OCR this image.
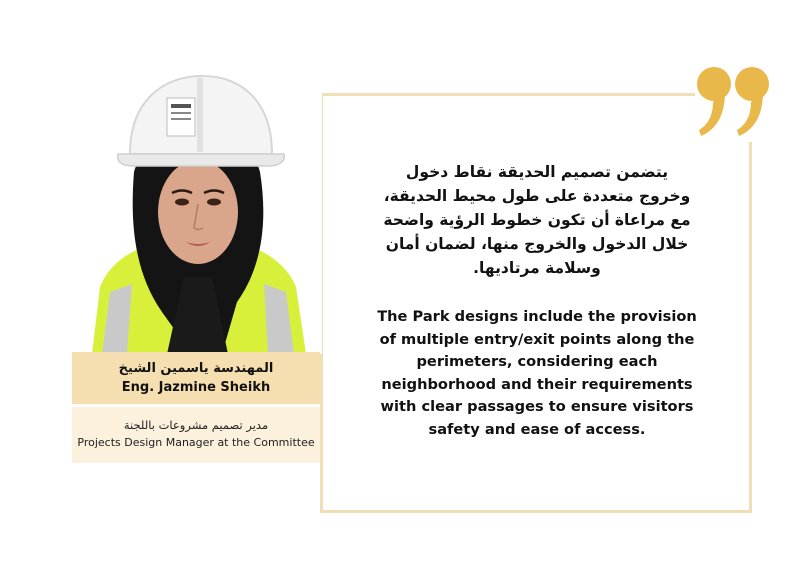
المهندسة ياسمين الشيخ
Eng. Jazmine Sheikh
مدير تصميم مشروعات باللجنة
Projects Design Manager at the Committee
يتضمن تصميم الحديقة نقاط دخول
وخروج متعددة على طول محيط الحديقة،
مع مراعاة أن تكون خطوط الرؤية واضحة
خلال الدخول والخروج منها، لضمان أمان
وسلامة مرتاديها.
The Park designs include the provision
of multiple entry/exit points along the
perimeters, considering each
neighborhood and their requirements
with clear passages to ensure visitors
safety and ease of access.
